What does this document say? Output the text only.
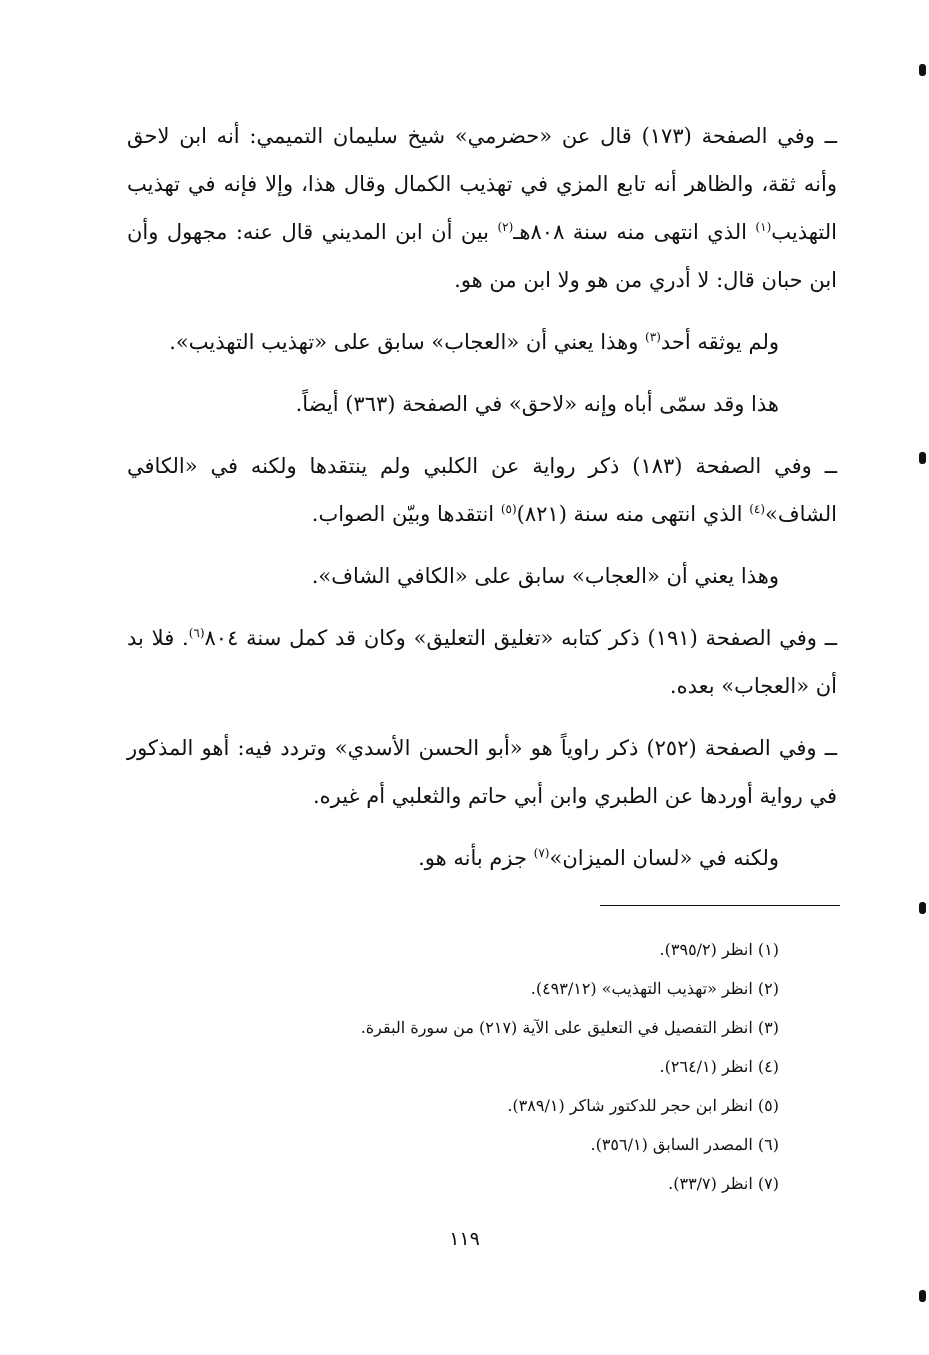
ــ وفي الصفحة (١٧٣) قال عن «حضرمي» شيخ سليمان التميمي: أنه ابن لاحق وأنه ثقة، والظاهر أنه تابع المزي في تهذيب الكمال وقال هذا، وإلا فإنه في تهذيب التهذيب$^{(١)}$ الذي انتهى منه سنة ٨٠٨هـ$^{(٢)}$ بين أن ابن المديني قال عنه: مجهول وأن ابن حبان قال: لا أدري من هو ولا ابن من هو.

ولم يوثقه أحد$^{(٣)}$ وهذا يعني أن «العجاب» سابق على «تهذيب التهذيب».

هذا وقد سمّى أباه وإنه «لاحق» في الصفحة (٣٦٣) أيضاً.

ــ وفي الصفحة (١٨٣) ذكر رواية عن الكلبي ولم ينتقدها ولكنه في «الكافي الشاف»$^{(٤)}$ الذي انتهى منه سنة (٨٢١)$^{(٥)}$ انتقدها وبيّن الصواب.

وهذا يعني أن «العجاب» سابق على «الكافي الشاف».

ــ وفي الصفحة (١٩١) ذكر كتابه «تغليق التعليق» وكان قد كمل سنة ٨٠٤$^{(٦)}$. فلا بد أن «العجاب» بعده.

ــ وفي الصفحة (٢٥٢) ذكر راوياً هو «أبو الحسن الأسدي» وتردد فيه: أهو المذكور في رواية أوردها عن الطبري وابن أبي حاتم والثعلبي أم غيره.

ولكنه في «لسان الميزان»$^{(٧)}$ جزم بأنه هو.

(١) انظر (٣٩٥/٢).

(٢) انظر «تهذيب التهذيب» (٤٩٣/١٢).

(٣) انظر التفصيل في التعليق على الآية (٢١٧) من سورة البقرة.

(٤) انظر (٢٦٤/١).

(٥) انظر ابن حجر للدكتور شاكر (٣٨٩/١).

(٦) المصدر السابق (٣٥٦/١).

(٧) انظر (٣٣/٧).

١١٩
